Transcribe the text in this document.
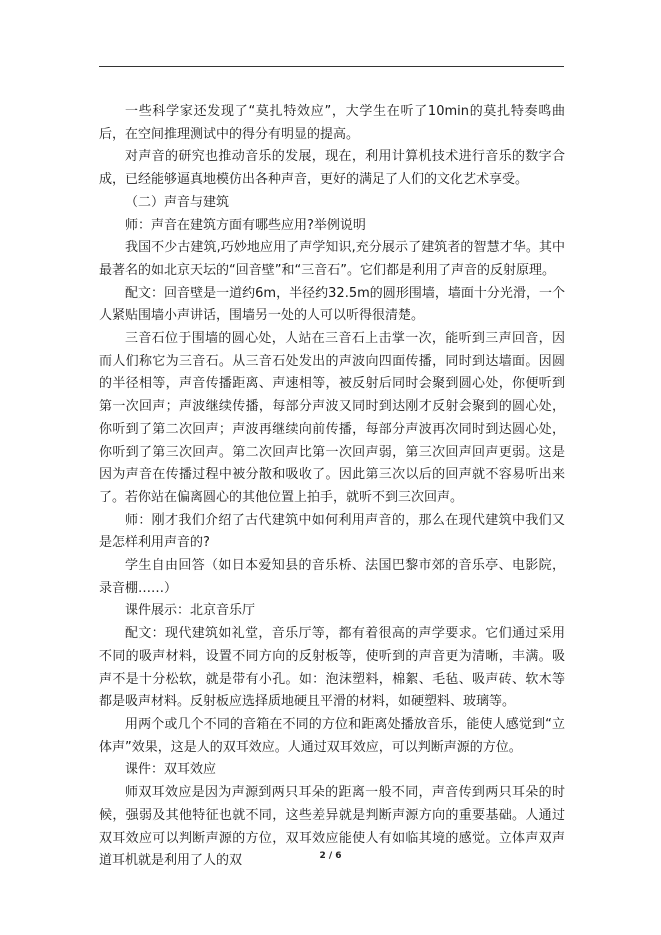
一些科学家还发现了“莫扎特效应”，大学生在听了10min的莫扎特奏鸣曲后，在空间推理测试中的得分有明显的提高。

对声音的研究也推动音乐的发展，现在，利用计算机技术进行音乐的数字合成，已经能够逼真地模仿出各种声音，更好的满足了人们的文化艺术享受。

（二）声音与建筑

师：声音在建筑方面有哪些应用?举例说明

我国不少古建筑,巧妙地应用了声学知识,充分展示了建筑者的智慧才华。其中最著名的如北京天坛的“回音壁”和“三音石”。它们都是利用了声音的反射原理。

配文：回音壁是一道约6m，半径约32.5m的圆形围墙，墙面十分光滑，一个人紧贴围墙小声讲话，围墙另一处的人可以听得很清楚。

三音石位于围墙的圆心处，人站在三音石上击掌一次，能听到三声回音，因而人们称它为三音石。从三音石处发出的声波向四面传播，同时到达墙面。因圆的半径相等，声音传播距离、声速相等，被反射后同时会聚到圆心处，你便听到第一次回声；声波继续传播，每部分声波又同时到达刚才反射会聚到的圆心处，你听到了第二次回声；声波再继续向前传播，每部分声波再次同时到达圆心处，你听到了第三次回声。第二次回声比第一次回声弱，第三次回声回声更弱。这是因为声音在传播过程中被分散和吸收了。因此第三次以后的回声就不容易听出来了。若你站在偏离圆心的其他位置上拍手，就听不到三次回声。

师：刚才我们介绍了古代建筑中如何利用声音的，那么在现代建筑中我们又是怎样利用声音的?

学生自由回答（如日本爱知县的音乐桥、法国巴黎市郊的音乐亭、电影院，录音棚……）

课件展示：北京音乐厅

配文：现代建筑如礼堂，音乐厅等，都有着很高的声学要求。它们通过采用不同的吸声材料，设置不同方向的反射板等，使听到的声音更为清晰，丰满。吸声不是十分松软，就是带有小孔。如：泡沫塑料，棉絮、毛毡、吸声砖、软木等都是吸声材料。反射板应选择质地硬且平滑的材料，如硬塑料、玻璃等。

用两个或几个不同的音箱在不同的方位和距离处播放音乐，能使人感觉到“立体声”效果，这是人的双耳效应。人通过双耳效应，可以判断声源的方位。

课件：双耳效应

师双耳效应是因为声源到两只耳朵的距离一般不同，声音传到两只耳朵的时候，强弱及其他特征也就不同，这些差异就是判断声源方向的重要基础。人通过双耳效应可以判断声源的方位，双耳效应能使人有如临其境的感觉。立体声双声道耳机就是利用了人的双	2 / 6
